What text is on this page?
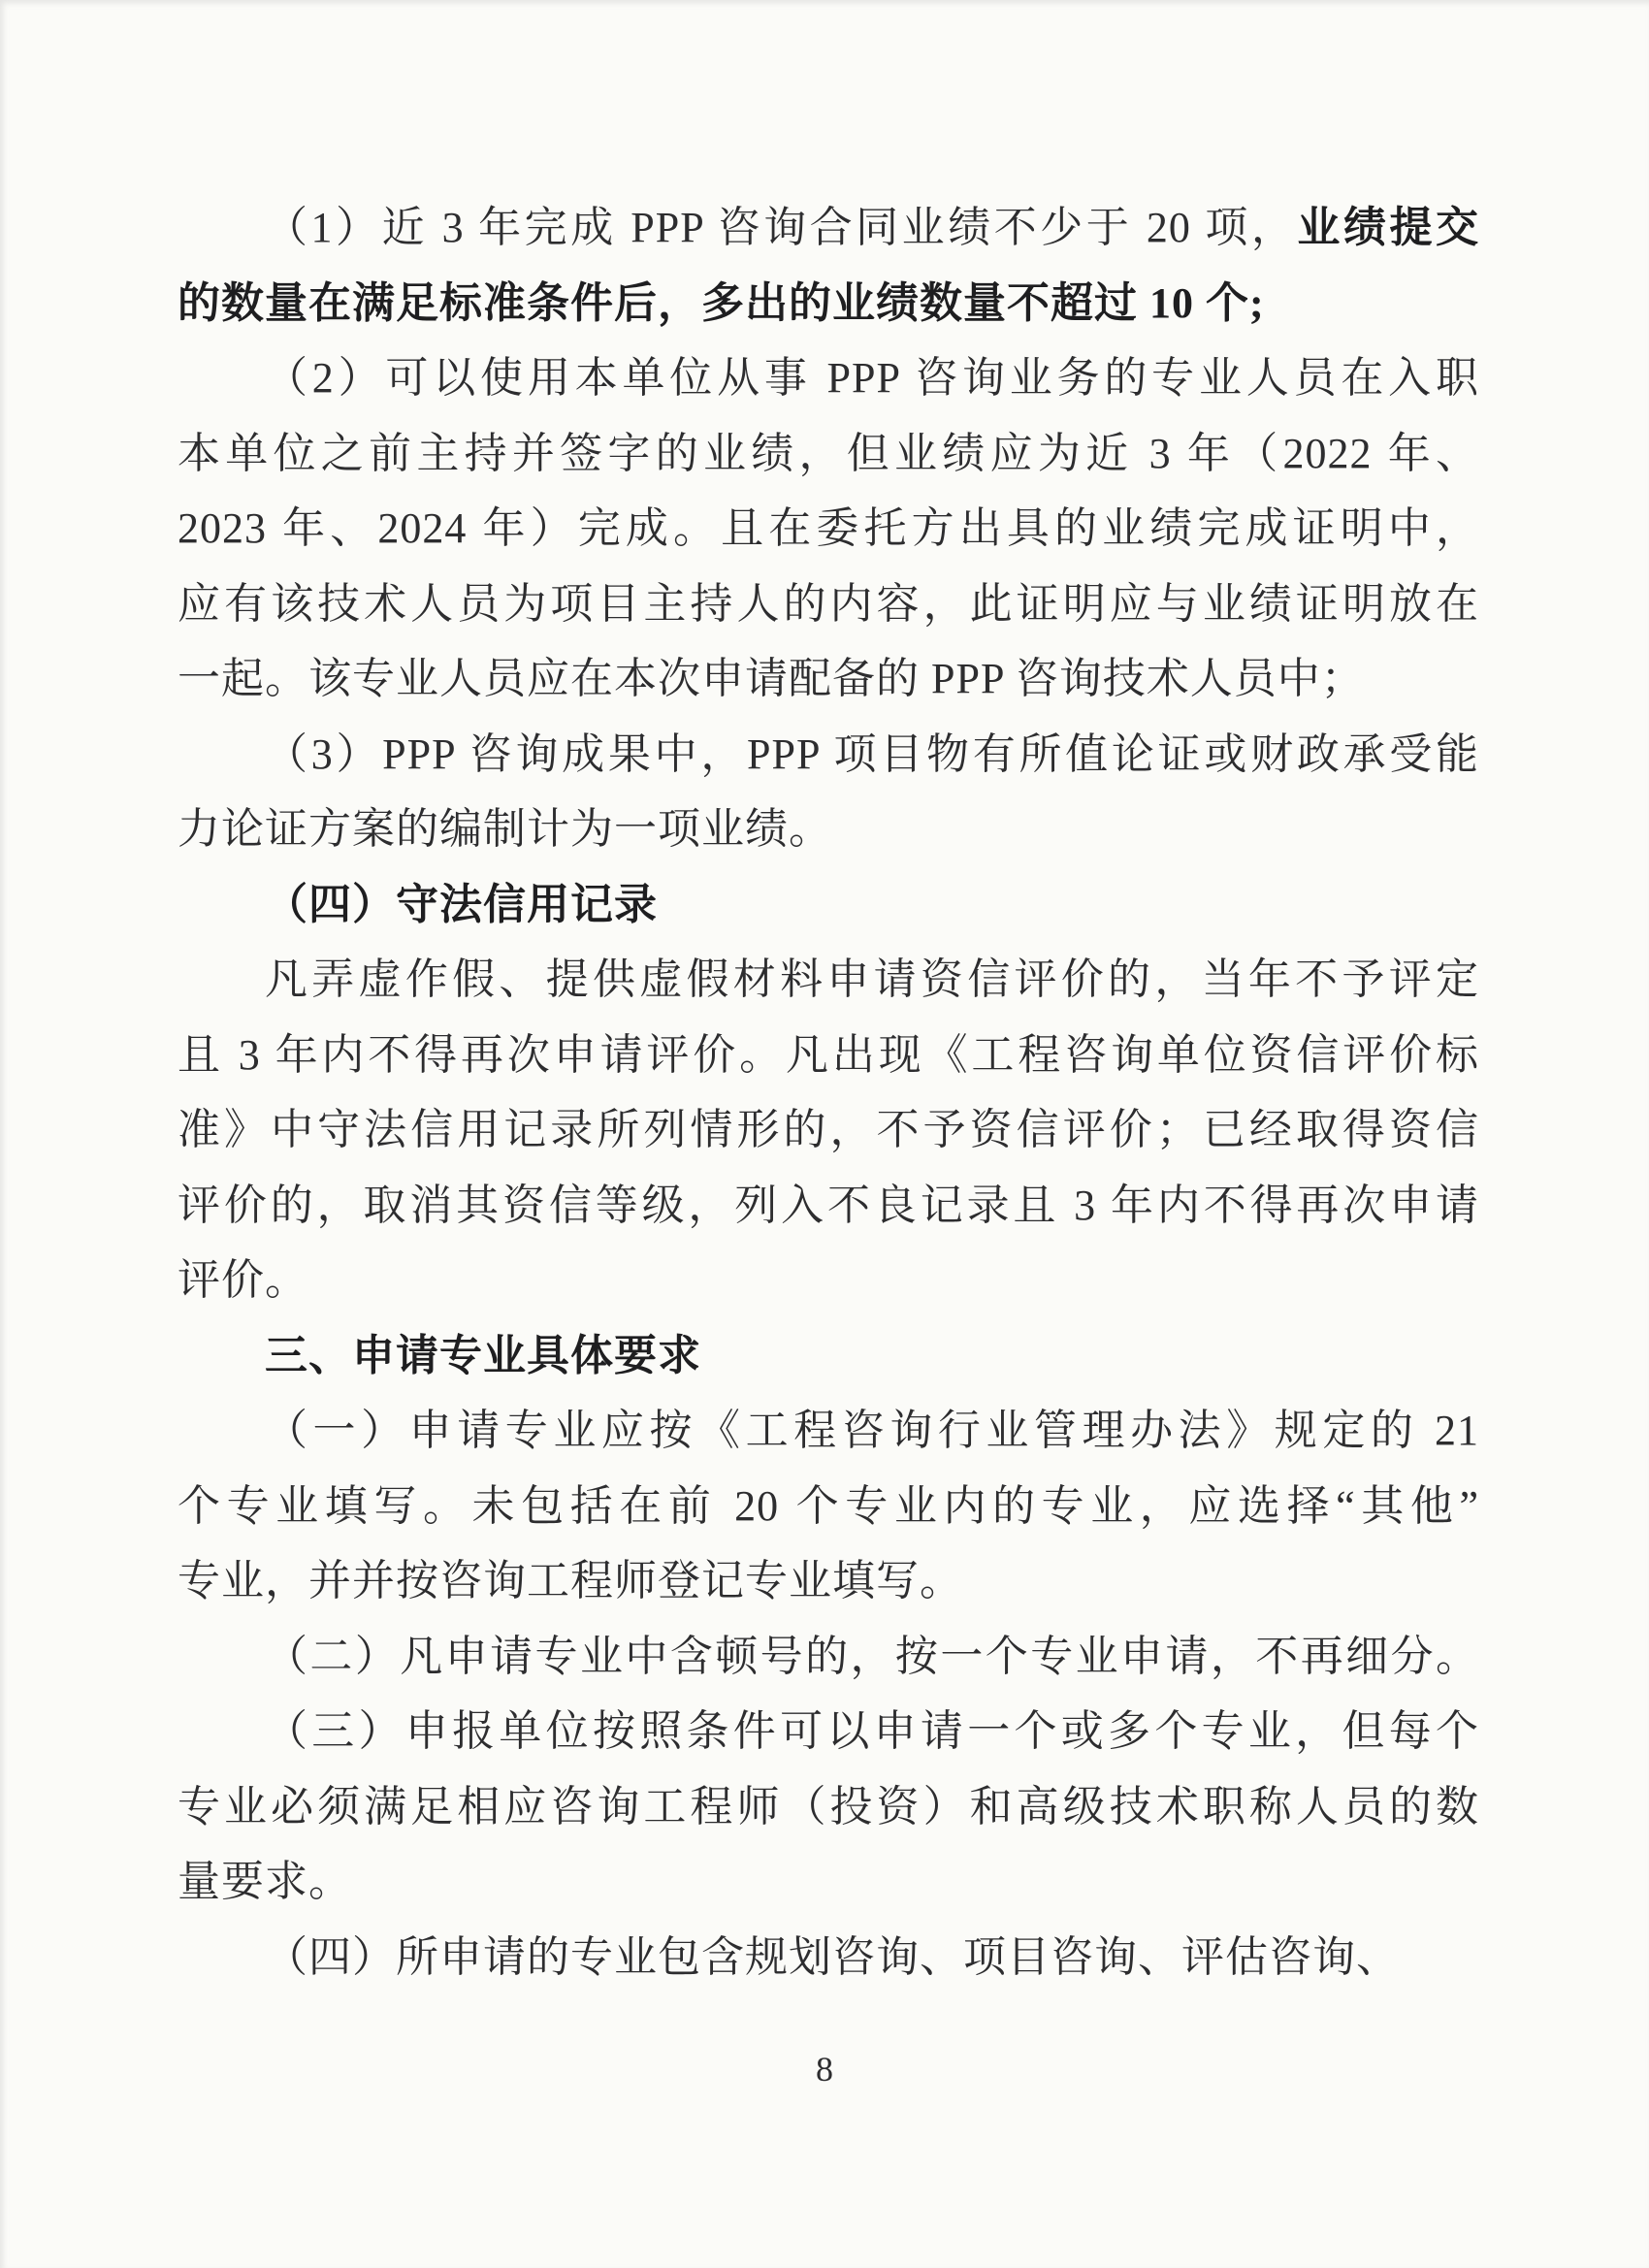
（1）近 3 年完成 PPP 咨询合同业绩不少于 20 项，业绩提交
的数量在满足标准条件后，多出的业绩数量不超过 10 个;
（2）可以使用本单位从事 PPP 咨询业务的专业人员在入职
本单位之前主持并签字的业绩，但业绩应为近 3 年（2022 年、
2023 年、2024 年）完成。且在委托方出具的业绩完成证明中，
应有该技术人员为项目主持人的内容，此证明应与业绩证明放在
一起。该专业人员应在本次申请配备的 PPP 咨询技术人员中；
（3）PPP 咨询成果中，PPP 项目物有所值论证或财政承受能
力论证方案的编制计为一项业绩。
（四）守法信用记录
凡弄虚作假、提供虚假材料申请资信评价的，当年不予评定
且 3 年内不得再次申请评价。凡出现《工程咨询单位资信评价标
准》中守法信用记录所列情形的，不予资信评价；已经取得资信
评价的，取消其资信等级，列入不良记录且 3 年内不得再次申请
评价。
三、申请专业具体要求
（一）申请专业应按《工程咨询行业管理办法》规定的 21
个专业填写。未包括在前 20 个专业内的专业，应选择“其他”
专业，并并按咨询工程师登记专业填写。
（二）凡申请专业中含顿号的，按一个专业申请，不再细分。
（三）申报单位按照条件可以申请一个或多个专业，但每个
专业必须满足相应咨询工程师（投资）和高级技术职称人员的数
量要求。
（四）所申请的专业包含规划咨询、项目咨询、评估咨询、
8
